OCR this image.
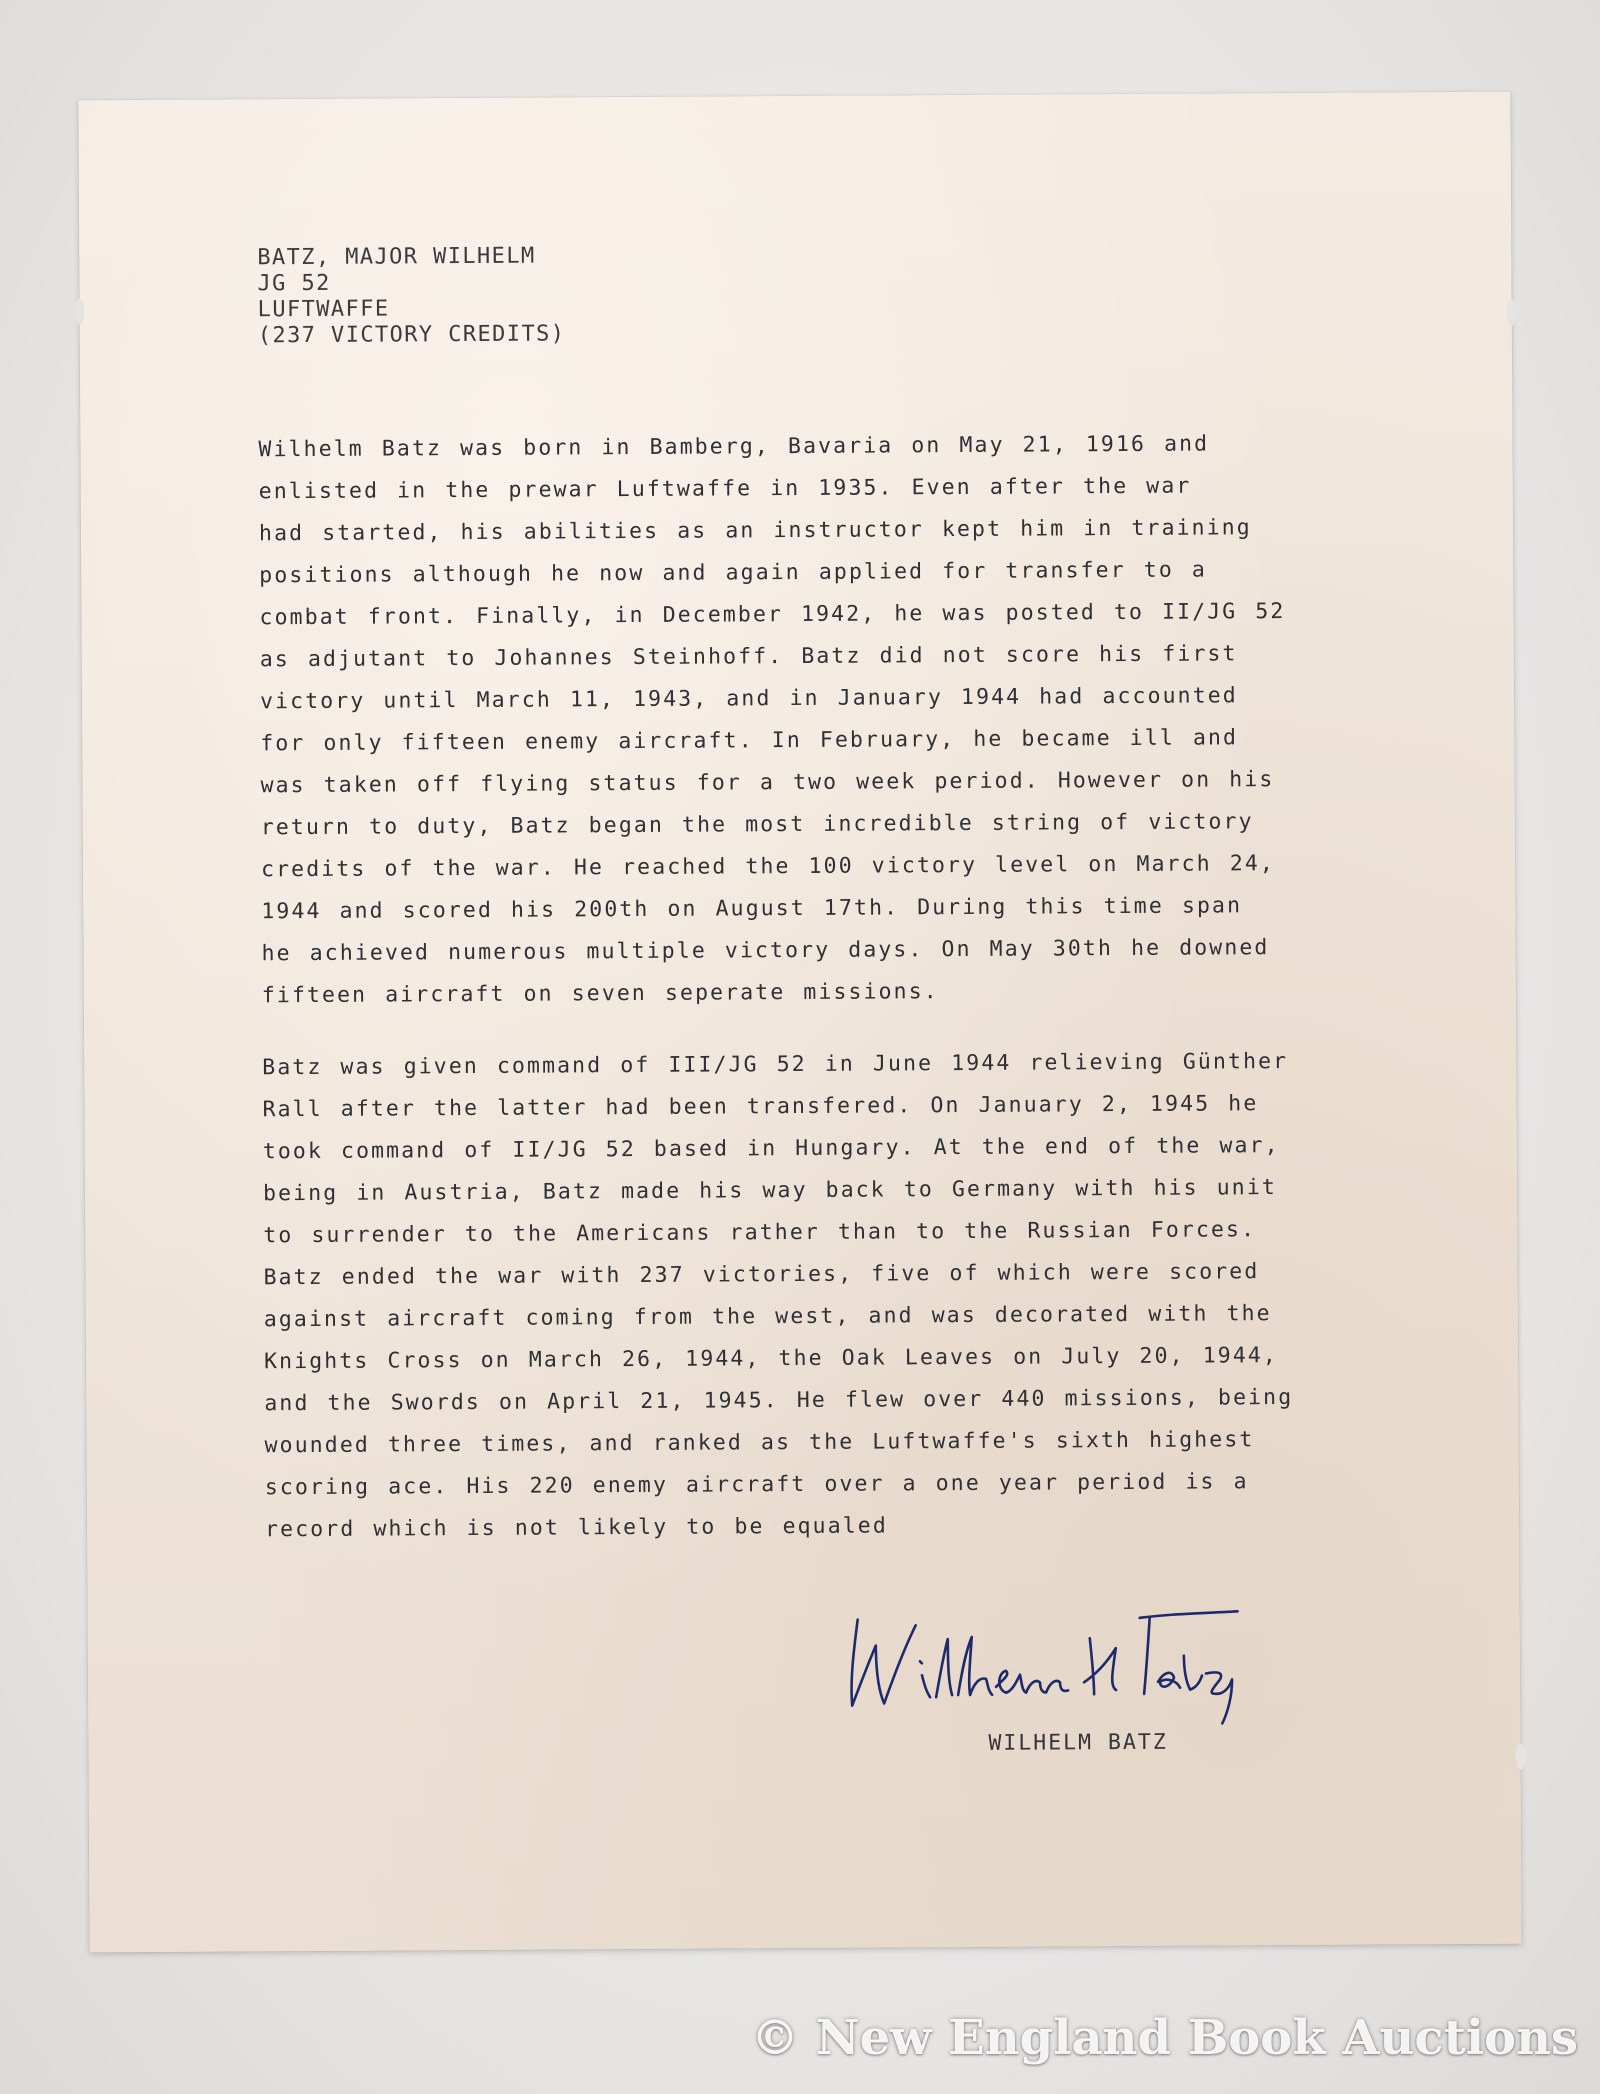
BATZ, MAJOR WILHELM
JG 52
LUFTWAFFE
(237 VICTORY CREDITS)
Wilhelm Batz was born in Bamberg, Bavaria on May 21, 1916 and
enlisted in the prewar Luftwaffe in 1935. Even after the war
had started, his abilities as an instructor kept him in training
positions although he now and again applied for transfer to a
combat front. Finally, in December 1942, he was posted to II/JG 52
as adjutant to Johannes Steinhoff. Batz did not score his first
victory until March 11, 1943, and in January 1944 had accounted
for only fifteen enemy aircraft. In February, he became ill and
was taken off flying status for a two week period. However on his
return to duty, Batz began the most incredible string of victory
credits of the war. He reached the 100 victory level on March 24,
1944 and scored his 200th on August 17th. During this time span
he achieved numerous multiple victory days. On May 30th he downed
fifteen aircraft on seven seperate missions.
Batz was given command of III/JG 52 in June 1944 relieving Günther
Rall after the latter had been transfered. On January 2, 1945 he
took command of II/JG 52 based in Hungary. At the end of the war,
being in Austria, Batz made his way back to Germany with his unit
to surrender to the Americans rather than to the Russian Forces.
Batz ended the war with 237 victories, five of which were scored
against aircraft coming from the west, and was decorated with the
Knights Cross on March 26, 1944, the Oak Leaves on July 20, 1944,
and the Swords on April 21, 1945. He flew over 440 missions, being
wounded three times, and ranked as the Luftwaffe's sixth highest
scoring ace. His 220 enemy aircraft over a one year period is a
record which is not likely to be equaled
WILHELM BATZ
© New England Book Auctions
